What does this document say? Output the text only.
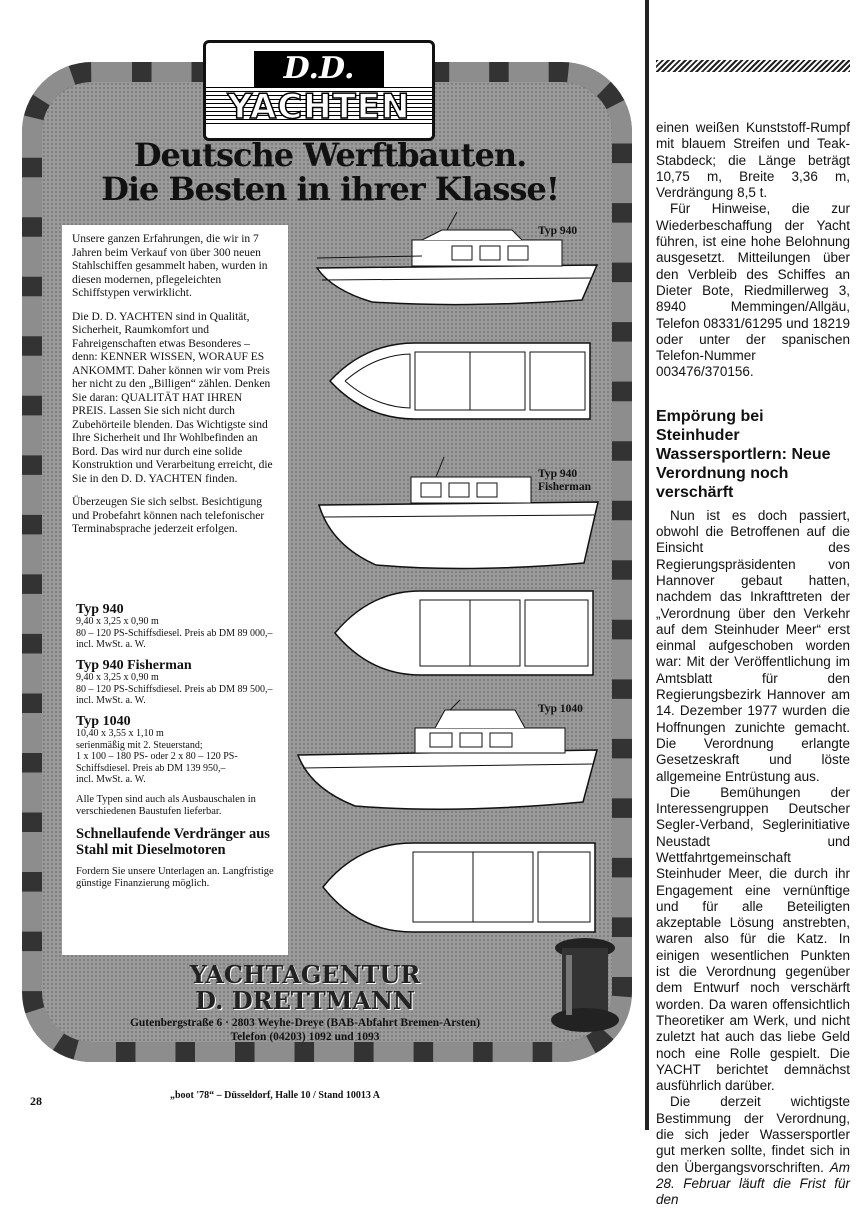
D.D.
YACHTEN
Deutsche Werftbauten.
Die Besten in ihrer Klasse!

Unsere ganzen Erfahrungen, die wir in 7 Jahren beim Verkauf von über 300 neuen Stahlschiffen gesammelt haben, wurden in diesen modernen, pflegeleichten Schiffstypen verwirklicht.

Die D. D. YACHTEN sind in Qualität, Sicherheit, Raumkomfort und Fahreigenschaften etwas Besonderes – denn: KENNER WISSEN, WORAUF ES ANKOMMT. Daher können wir vom Preis her nicht zu den „Billigen“ zählen. Denken Sie daran: QUALITÄT HAT IHREN PREIS. Lassen Sie sich nicht durch Zubehörteile blenden. Das Wichtigste sind Ihre Sicherheit und Ihr Wohlbefinden an Bord. Das wird nur durch eine solide Konstruktion und Verarbeitung erreicht, die Sie in den D. D. YACHTEN finden.

Überzeugen Sie sich selbst. Besichtigung und Probefahrt können nach telefonischer Terminabsprache jederzeit erfolgen.

Typ 940
9,40 x 3,25 x 0,90 m
80 – 120 PS-Schiffsdiesel. Preis ab DM 89 000,– incl. MwSt. a. W.
Typ 940 Fisherman
9,40 x 3,25 x 0,90 m
80 – 120 PS-Schiffsdiesel. Preis ab DM 89 500,– incl. MwSt. a. W.
Typ 1040
10,40 x 3,55 x 1,10 m
serienmäßig mit 2. Steuerstand;
1 x 100 – 180 PS- oder 2 x 80 – 120 PS-Schiffsdiesel. Preis ab DM 139 950,–
incl. MwSt. a. W.
Alle Typen sind auch als Ausbauschalen in verschiedenen Baustufen lieferbar.
Schnellaufende Verdränger aus Stahl mit Dieselmotoren
Fordern Sie unsere Unterlagen an. Langfristige günstige Finanzierung möglich.
Typ 940
Typ 940
Fisherman
Typ 1040
YACHTAGENTUR
D. DRETTMANN
Gutenbergstraße 6 · 2803 Weyhe-Dreye (BAB-Abfahrt Bremen-Arsten)
Telefon (04203) 1092 und 1093
„boot '78“ – Düsseldorf, Halle 10 / Stand 10013 A
28

einen weißen Kunststoff-Rumpf mit blauem Streifen und Teak-Stabdeck; die Länge beträgt 10,75 m, Breite 3,36 m, Verdrängung 8,5 t.

Für Hinweise, die zur Wiederbeschaffung der Yacht führen, ist eine hohe Belohnung ausgesetzt. Mitteilungen über den Verbleib des Schiffes an Dieter Bote, Riedmillerweg 3, 8940 Memmingen/Allgäu, Telefon 08331/61295 und 18219 oder unter der spanischen Telefon-Nummer 003476/370156.

Empörung bei Steinhuder Wassersportlern: Neue Verordnung noch verschärft

Nun ist es doch passiert, obwohl die Betroffenen auf die Einsicht des Regierungspräsidenten von Hannover gebaut hatten, nachdem das Inkrafttreten der „Verordnung über den Verkehr auf dem Steinhuder Meer“ erst einmal aufgeschoben worden war: Mit der Veröffentlichung im Amtsblatt für den Regierungsbezirk Hannover am 14. Dezember 1977 wurden die Hoffnungen zunichte gemacht. Die Verordnung erlangte Gesetzeskraft und löste allgemeine Entrüstung aus.

Die Bemühungen der Interessengruppen Deutscher Segler-Verband, Seglerinitiative Neustadt und Wettfahrtgemeinschaft Steinhuder Meer, die durch ihr Engagement eine vernünftige und für alle Beteiligten akzeptable Lösung anstrebten, waren also für die Katz. In einigen wesentlichen Punkten ist die Verordnung gegenüber dem Entwurf noch verschärft worden. Da waren offensichtlich Theoretiker am Werk, und nicht zuletzt hat auch das liebe Geld noch eine Rolle gespielt. Die YACHT berichtet demnächst ausführlich darüber.

Die derzeit wichtigste Bestimmung der Verordnung, die sich jeder Wassersportler gut merken sollte, findet sich in den Übergangsvorschriften. Am 28. Februar läuft die Frist für den
